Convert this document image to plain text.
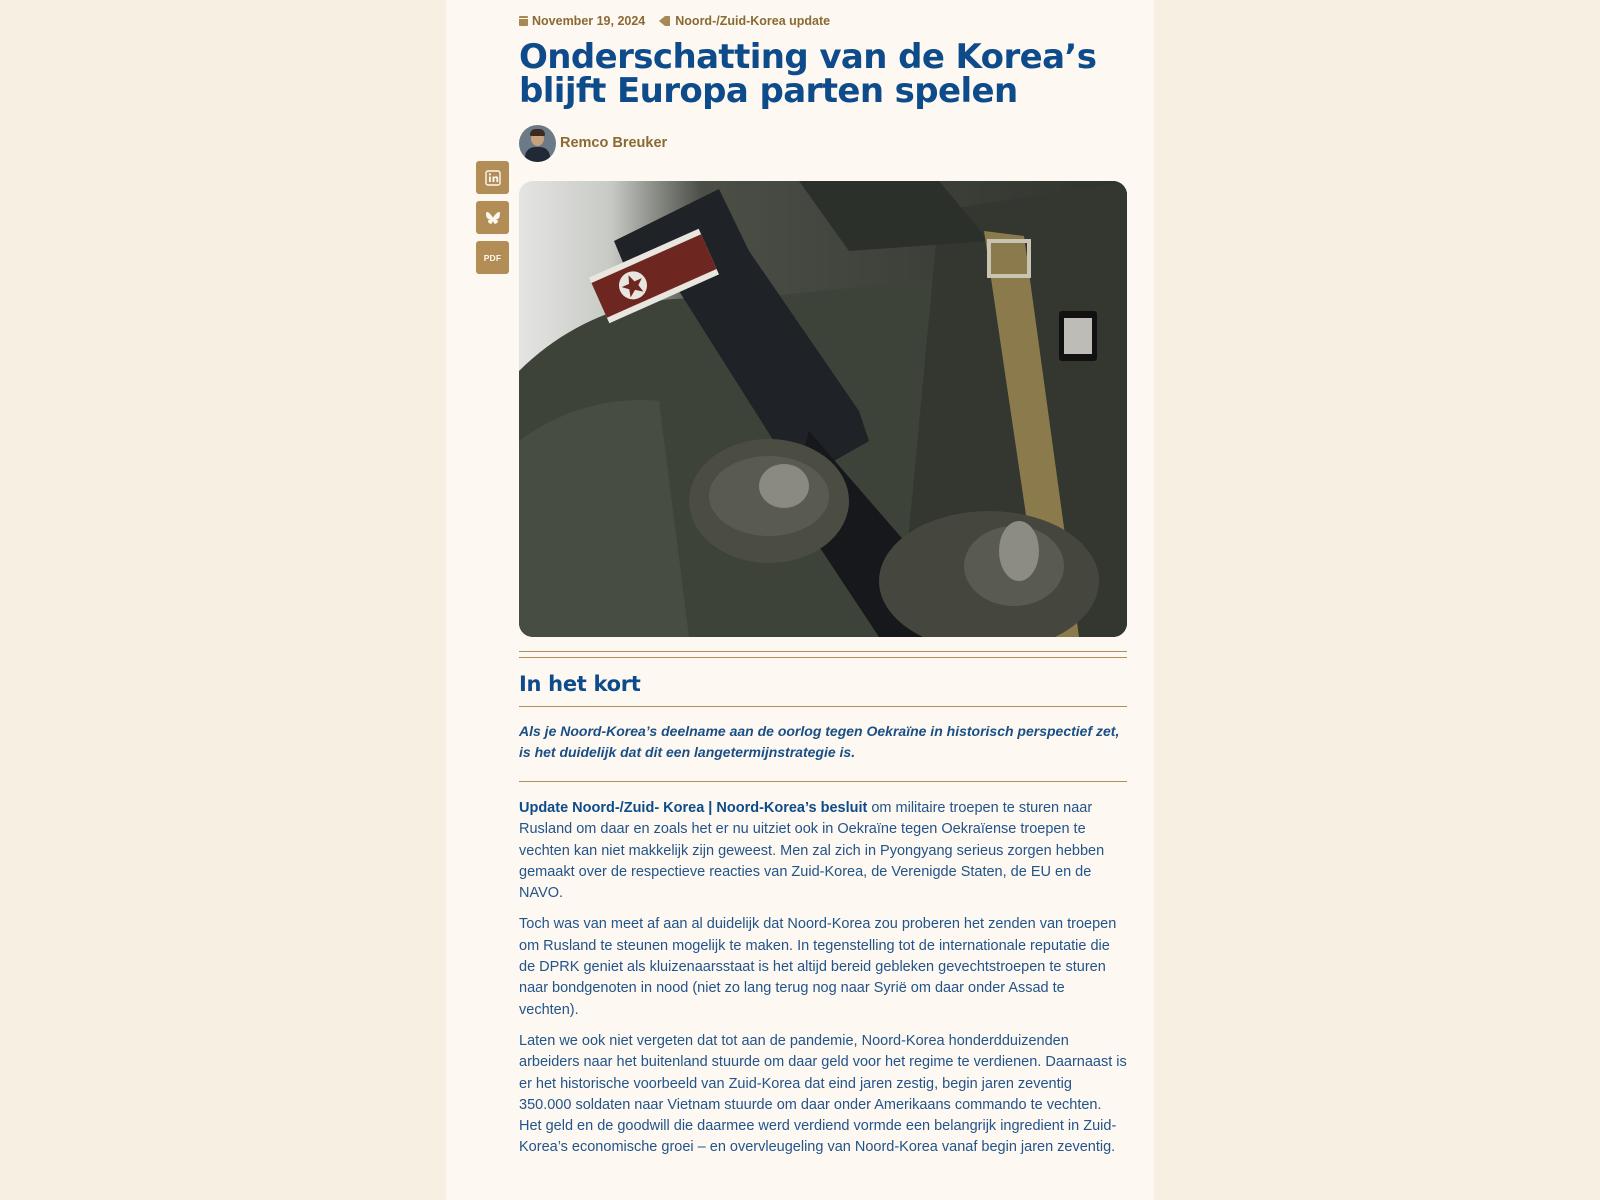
PDF
November 19, 2024 Noord-/Zuid-Korea update
Onderschatting van de Korea’s blijft Europa parten spelen
Remco Breuker
In het kort

Als je Noord-Korea’s deelname aan de oorlog tegen Oekraïne in historisch perspectief zet, is het duidelijk dat dit een langetermijnstrategie is.

Update Noord-/Zuid- Korea | Noord-Korea’s besluit om militaire troepen te sturen naar Rusland om daar en zoals het er nu uitziet ook in Oekraïne tegen Oekraïense troepen te vechten kan niet makkelijk zijn geweest. Men zal zich in Pyongyang serieus zorgen hebben gemaakt over de respectieve reacties van Zuid-Korea, de Verenigde Staten, de EU en de NAVO.

Toch was van meet af aan al duidelijk dat Noord-Korea zou proberen het zenden van troepen om Rusland te steunen mogelijk te maken. In tegenstelling tot de internationale reputatie die de DPRK geniet als kluizenaarsstaat is het altijd bereid gebleken gevechtstroepen te sturen naar bondgenoten in nood (niet zo lang terug nog naar Syrië om daar onder Assad te vechten).

Laten we ook niet vergeten dat tot aan de pandemie, Noord-Korea honderdduizenden arbeiders naar het buitenland stuurde om daar geld voor het regime te verdienen. Daarnaast is er het historische voorbeeld van Zuid-Korea dat eind jaren zestig, begin jaren zeventig 350.000 soldaten naar Vietnam stuurde om daar onder Amerikaans commando te vechten. Het geld en de goodwill die daarmee werd verdiend vormde een belangrijk ingredient in Zuid-Korea’s economische groei – en overvleugeling van Noord-Korea vanaf begin jaren zeventig.
